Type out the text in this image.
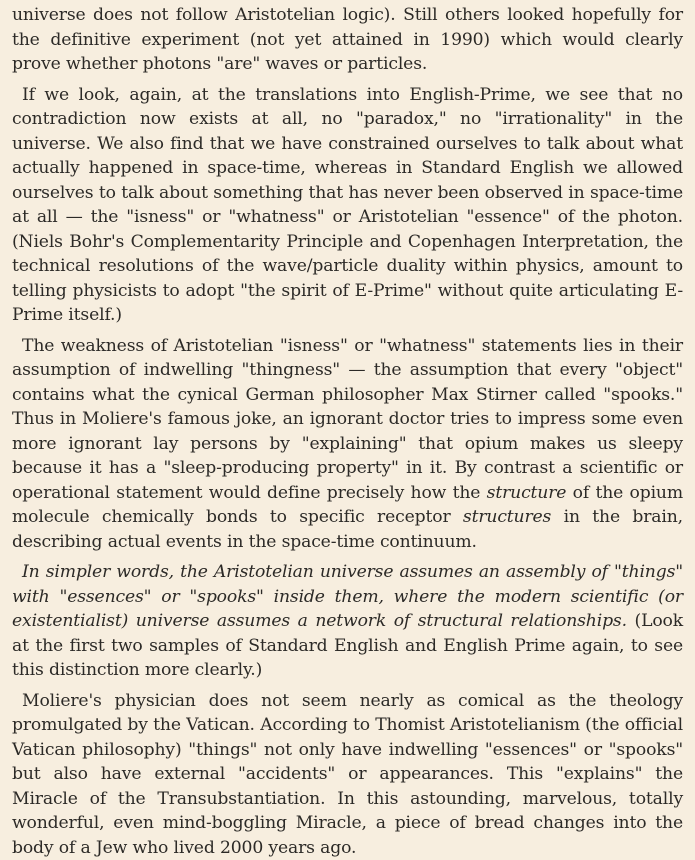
universe does not follow Aristotelian logic). Still others looked hopefully for the definitive experiment (not yet attained in 1990) which would clearly prove whether photons "are" waves or particles.

If we look, again, at the translations into English-Prime, we see that no contradiction now exists at all, no "paradox," no "irrationality" in the universe. We also find that we have constrained ourselves to talk about what actually happened in space-time, whereas in Standard English we allowed ourselves to talk about something that has never been observed in space-time at all — the "isness" or "whatness" or Aristotelian "essence" of the photon. (Niels Bohr's Complementarity Principle and Copenhagen Interpretation, the technical resolutions of the wave/particle duality within physics, amount to telling physicists to adopt "the spirit of E-Prime" without quite articulating E-Prime itself.)

The weakness of Aristotelian "isness" or "whatness" statements lies in their assumption of indwelling "thingness" — the assumption that every "object" contains what the cynical German philosopher Max Stirner called "spooks." Thus in Moliere's famous joke, an ignorant doctor tries to impress some even more ignorant lay persons by "explaining" that opium makes us sleepy because it has a "sleep-producing property" in it. By contrast a scientific or operational statement would define precisely how the structure of the opium molecule chemically bonds to specific receptor structures in the brain, describing actual events in the space-time continuum.

In simpler words, the Aristotelian universe assumes an assembly of "things" with "essences" or "spooks" inside them, where the modern scientific (or existentialist) universe assumes a network of structural relationships. (Look at the first two samples of Standard English and English Prime again, to see this distinction more clearly.)

Moliere's physician does not seem nearly as comical as the theology promulgated by the Vatican. According to Thomist Aristotelianism (the official Vatican philosophy) "things" not only have indwelling "essences" or "spooks" but also have external "accidents" or appearances. This "explains" the Miracle of the Transubstantiation. In this astounding, marvelous, totally wonderful, even mind-boggling Miracle, a piece of bread changes into the body of a Jew who lived 2000 years ago.
